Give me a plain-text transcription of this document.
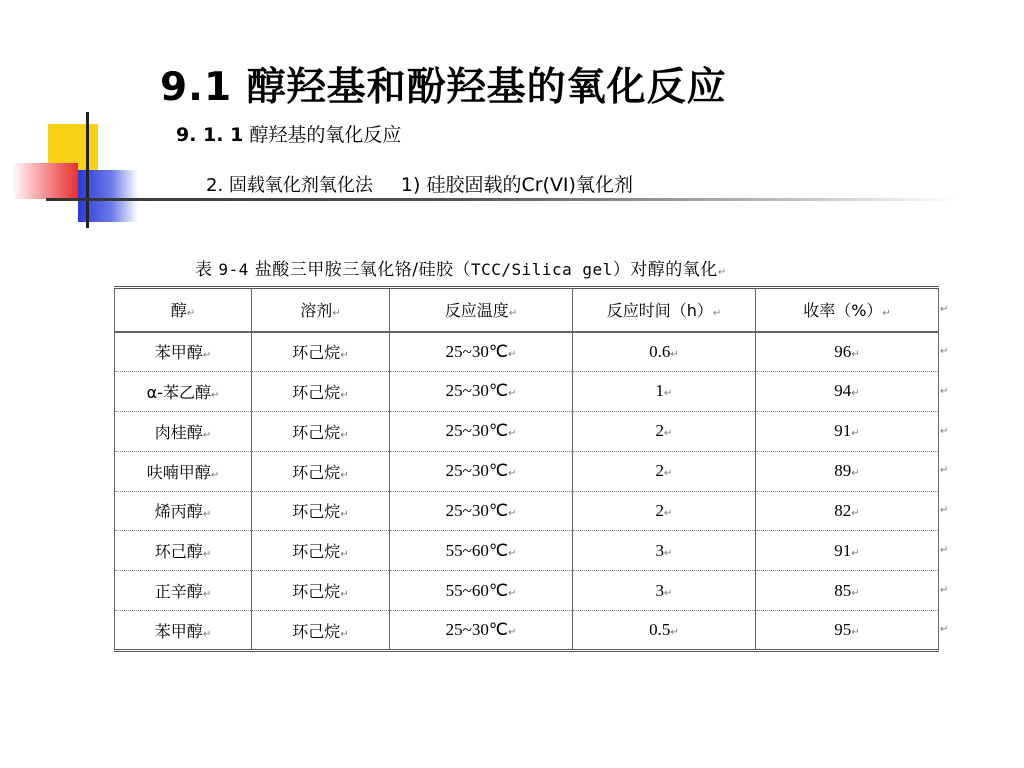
9.1 醇羟基和酚羟基的氧化反应
9. 1. 1 醇羟基的氧化反应
2. 固载氧化剂氧化法 1) 硅胶固载的Cr(VI)氧化剂
表 9-4 盐酸三甲胺三氧化铬/硅胶（TCC/Silica gel）对醇的氧化↵
醇↵	溶剂↵	反应温度↵	反应时间（h）↵	收率（%）↵
苯甲醇↵	环己烷↵	25~30℃↵	0.6↵	96↵
α-苯乙醇↵	环己烷↵	25~30℃↵	1↵	94↵
肉桂醇↵	环己烷↵	25~30℃↵	2↵	91↵
呋喃甲醇↵	环己烷↵	25~30℃↵	2↵	89↵
烯丙醇↵	环己烷↵	25~30℃↵	2↵	82↵
环己醇↵	环己烷↵	55~60℃↵	3↵	91↵
正辛醇↵	环己烷↵	55~60℃↵	3↵	85↵
苯甲醇↵	环己烷↵	25~30℃↵	0.5↵	95↵
↵
↵
↵
↵
↵
↵
↵
↵
↵
